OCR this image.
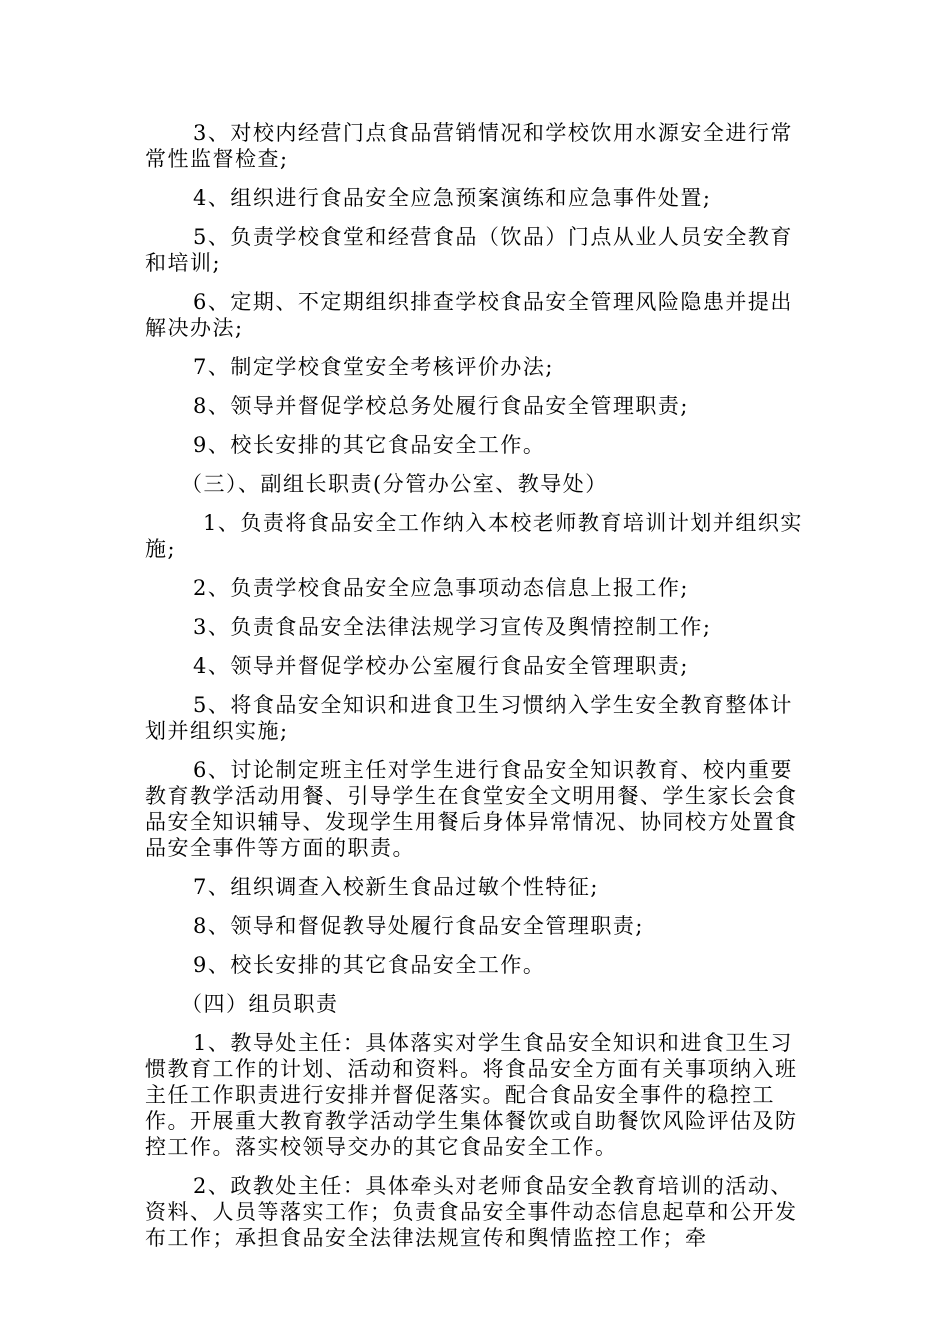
3、对校内经营门点食品营销情况和学校饮用水源安全进行常常性监督检查;

4、组织进行食品安全应急预案演练和应急事件处置;

5、负责学校食堂和经营食品（饮品）门点从业人员安全教育和培训;

6、定期、不定期组织排查学校食品安全管理风险隐患并提出解决办法;

7、制定学校食堂安全考核评价办法;

8、领导并督促学校总务处履行食品安全管理职责;

9、校长安排的其它食品安全工作。

（三）、副组长职责(分管办公室、教导处）

1、负责将食品安全工作纳入本校老师教育培训计划并组织实施;

2、负责学校食品安全应急事项动态信息上报工作;

3、负责食品安全法律法规学习宣传及舆情控制工作;

4、领导并督促学校办公室履行食品安全管理职责;

5、将食品安全知识和进食卫生习惯纳入学生安全教育整体计划并组织实施;

6、讨论制定班主任对学生进行食品安全知识教育、校内重要教育教学活动用餐、引导学生在食堂安全文明用餐、学生家长会食品安全知识辅导、发现学生用餐后身体异常情况、协同校方处置食品安全事件等方面的职责。

7、组织调查入校新生食品过敏个性特征;

8、领导和督促教导处履行食品安全管理职责;

9、校长安排的其它食品安全工作。

（四）组员职责

1、教导处主任：具体落实对学生食品安全知识和进食卫生习惯教育工作的计划、活动和资料。将食品安全方面有关事项纳入班主任工作职责进行安排并督促落实。配合食品安全事件的稳控工作。开展重大教育教学活动学生集体餐饮或自助餐饮风险评估及防控工作。落实校领导交办的其它食品安全工作。

2、政教处主任：具体牵头对老师食品安全教育培训的活动、资料、人员等落实工作；负责食品安全事件动态信息起草和公开发布工作；承担食品安全法律法规宣传和舆情监控工作；牵
